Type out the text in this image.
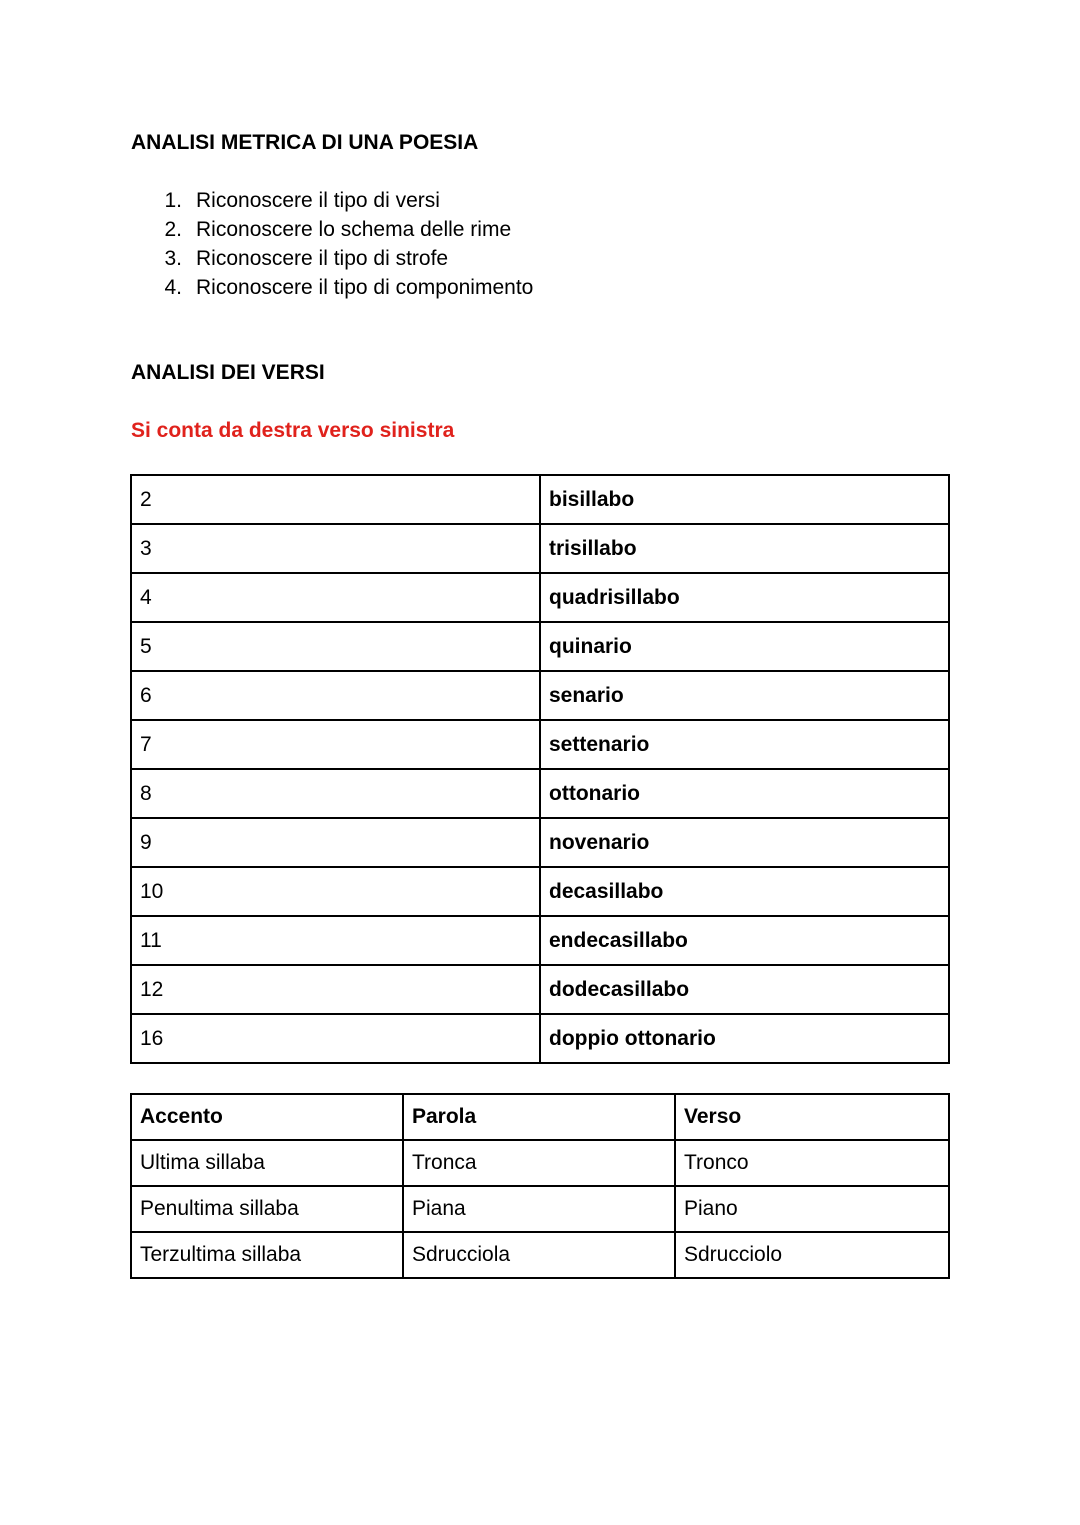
ANALISI METRICA DI UNA POESIA
1. Riconoscere il tipo di versi
2. Riconoscere lo schema delle rime
3. Riconoscere il tipo di strofe
4. Riconoscere il tipo di componimento
ANALISI DEI VERSI

Si conta da destra verso sinistra

2	bisillabo
3	trisillabo
4	quadrisillabo
5	quinario
6	senario
7	settenario
8	ottonario
9	novenario
10	decasillabo
11	endecasillabo
12	dodecasillabo
16	doppio ottonario
Accento	Parola	Verso
Ultima sillaba	Tronca	Tronco
Penultima sillaba	Piana	Piano
Terzultima sillaba	Sdrucciola	Sdrucciolo
